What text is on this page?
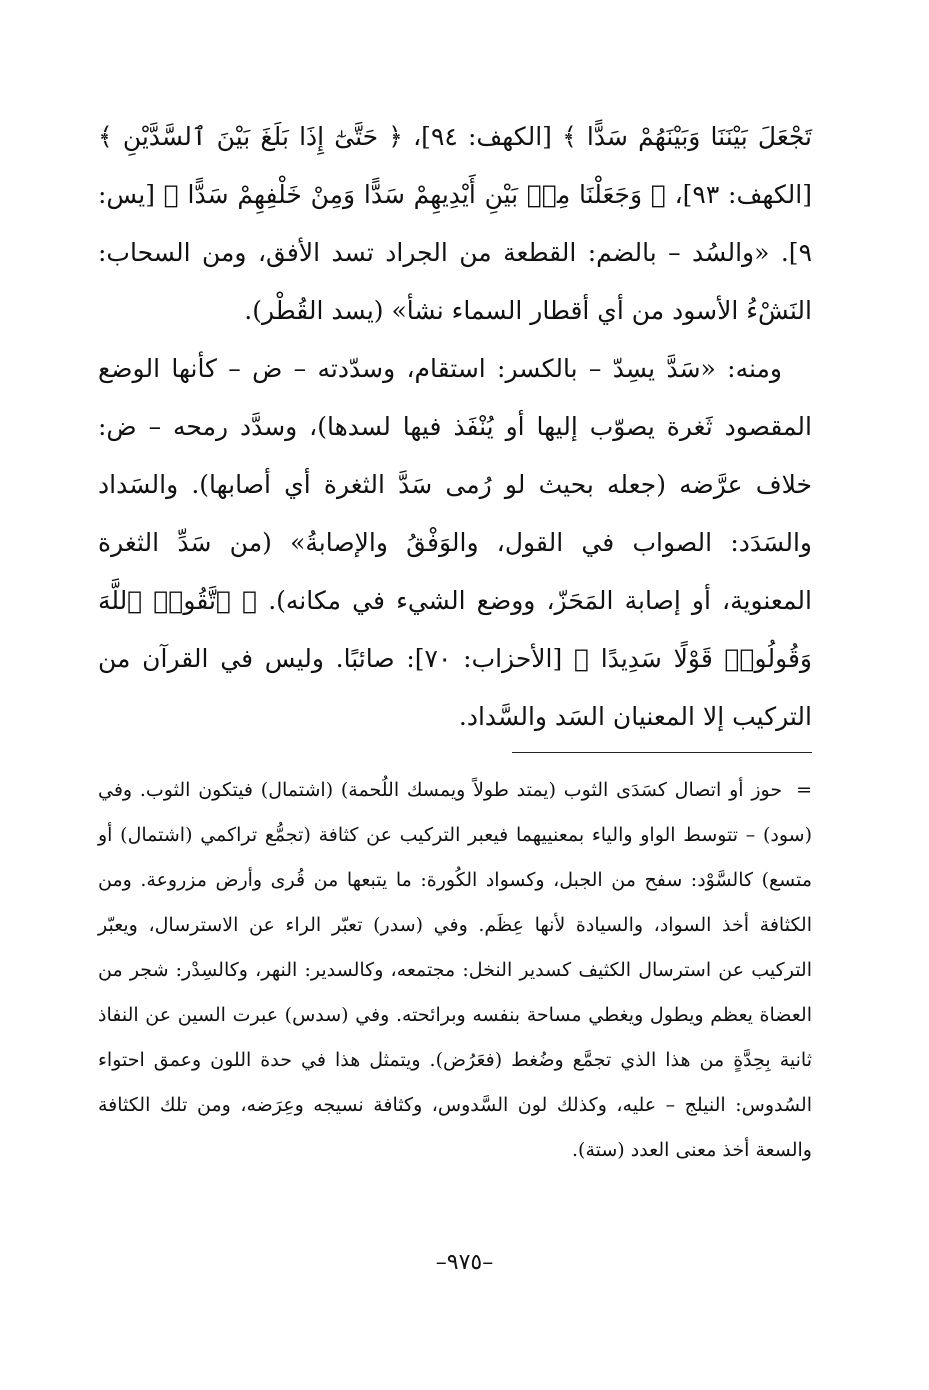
تَجْعَلَ بَيْنَنَا وَبَيْنَهُمْ سَدًّا ﴾ [الكهف: ٩٤]، ﴿ حَتَّىٰٓ إِذَا بَلَغَ بَيْنَ ٱلسَّدَّيْنِ ﴾ [الكهف: ٩٣]، ﴿ وَجَعَلْنَا مِنۢ بَيْنِ أَيْدِيهِمْ سَدًّا وَمِنْ خَلْفِهِمْ سَدًّا ﴾ [يس: ٩]. «والسُد – بالضم: القطعة من الجراد تسد الأفق، ومن السحاب: النَشْءُ الأسود من أي أقطار السماء نشأ» (يسد القُطْر).

ومنه: «سَدَّ يسِدّ – بالكسر: استقام، وسدّدته – ض – كأنها الوضع المقصود ثَغرة يصوّب إليها أو يُنْفَذ فيها لسدها)، وسدَّد رمحه – ض: خلاف عرَّضه (جعله بحيث لو رُمى سَدَّ الثغرة أي أصابها). والسَداد والسَدَد: الصواب في القول، والوَفْقُ والإصابةُ» (من سَدِّ الثغرة المعنوية، أو إصابة المَحَزّ، ووضع الشيء في مكانه). ﴿ ٱتَّقُوا۟ ٱللَّهَ وَقُولُوا۟ قَوْلًا سَدِيدًا ﴾ [الأحزاب: ٧٠]: صائبًا. وليس في القرآن من التركيب إلا المعنيان السَد والسَّداد.

=حوز أو اتصال كسَدَى الثوب (يمتد طولاً ويمسك اللُحمة) (اشتمال) فيتكون الثوب. وفي (سود) – تتوسط الواو والياء بمعنييهما فيعبر التركيب عن كثافة (تجمُّع تراكمي (اشتمال) أو متسع) كالسَّوْد: سفح من الجبل، وكسواد الكُورة: ما يتبعها من قُرى وأرض مزروعة. ومن الكثافة أخذ السواد، والسيادة لأنها عِظَم. وفي (سدر) تعبّر الراء عن الاسترسال، ويعبّر التركيب عن استرسال الكثيف كسدير النخل: مجتمعه، وكالسدير: النهر، وكالسِدْر: شجر من العضاة يعظم ويطول ويغطي مساحة بنفسه وبرائحته. وفي (سدس) عبرت السين عن النفاذ ثانية بِحِدَّةٍ من هذا الذي تجمَّع وضُغط (فعَرُض). ويتمثل هذا في حدة اللون وعمق احتواء السُدوس: النيلج – عليه، وكذلك لون السَّدوس، وكثافة نسيجه وعِرَضه، ومن تلك الكثافة والسعة أخذ معنى العدد (ستة).

–٩٧٥–
